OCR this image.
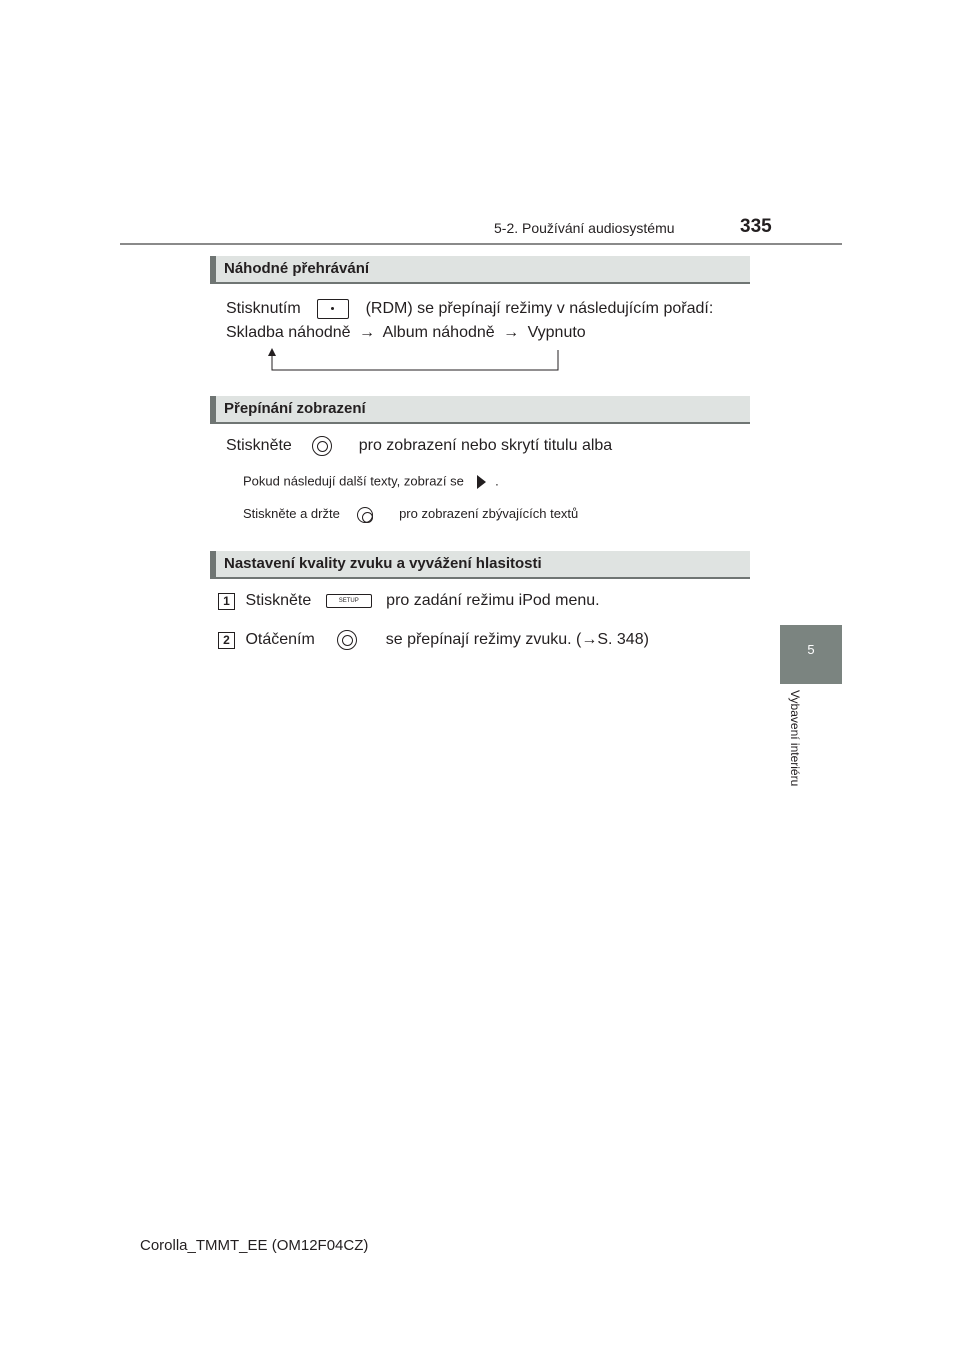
5-2. Používání audiosystému	335
5
Vybavení interiéru
Náhodné přehrávání
Stisknutím	(RDM) se přepínají režimy v následujícím pořadí:
Skladba náhodně → Album náhodně → Vypnuto
Přepínání zobrazení
Stiskněte	pro zobrazení nebo skrytí titulu alba
Pokud následují další texty, zobrazí se .
Stiskněte a držte	pro zobrazení zbývajících textů
Nastavení kvality zvuku a vyvážení hlasitosti
1 Stiskněte	SETUP pro zadání režimu iPod menu.
2 Otáčením	se přepínají režimy zvuku. (→S. 348)
Corolla_TMMT_EE (OM12F04CZ)
